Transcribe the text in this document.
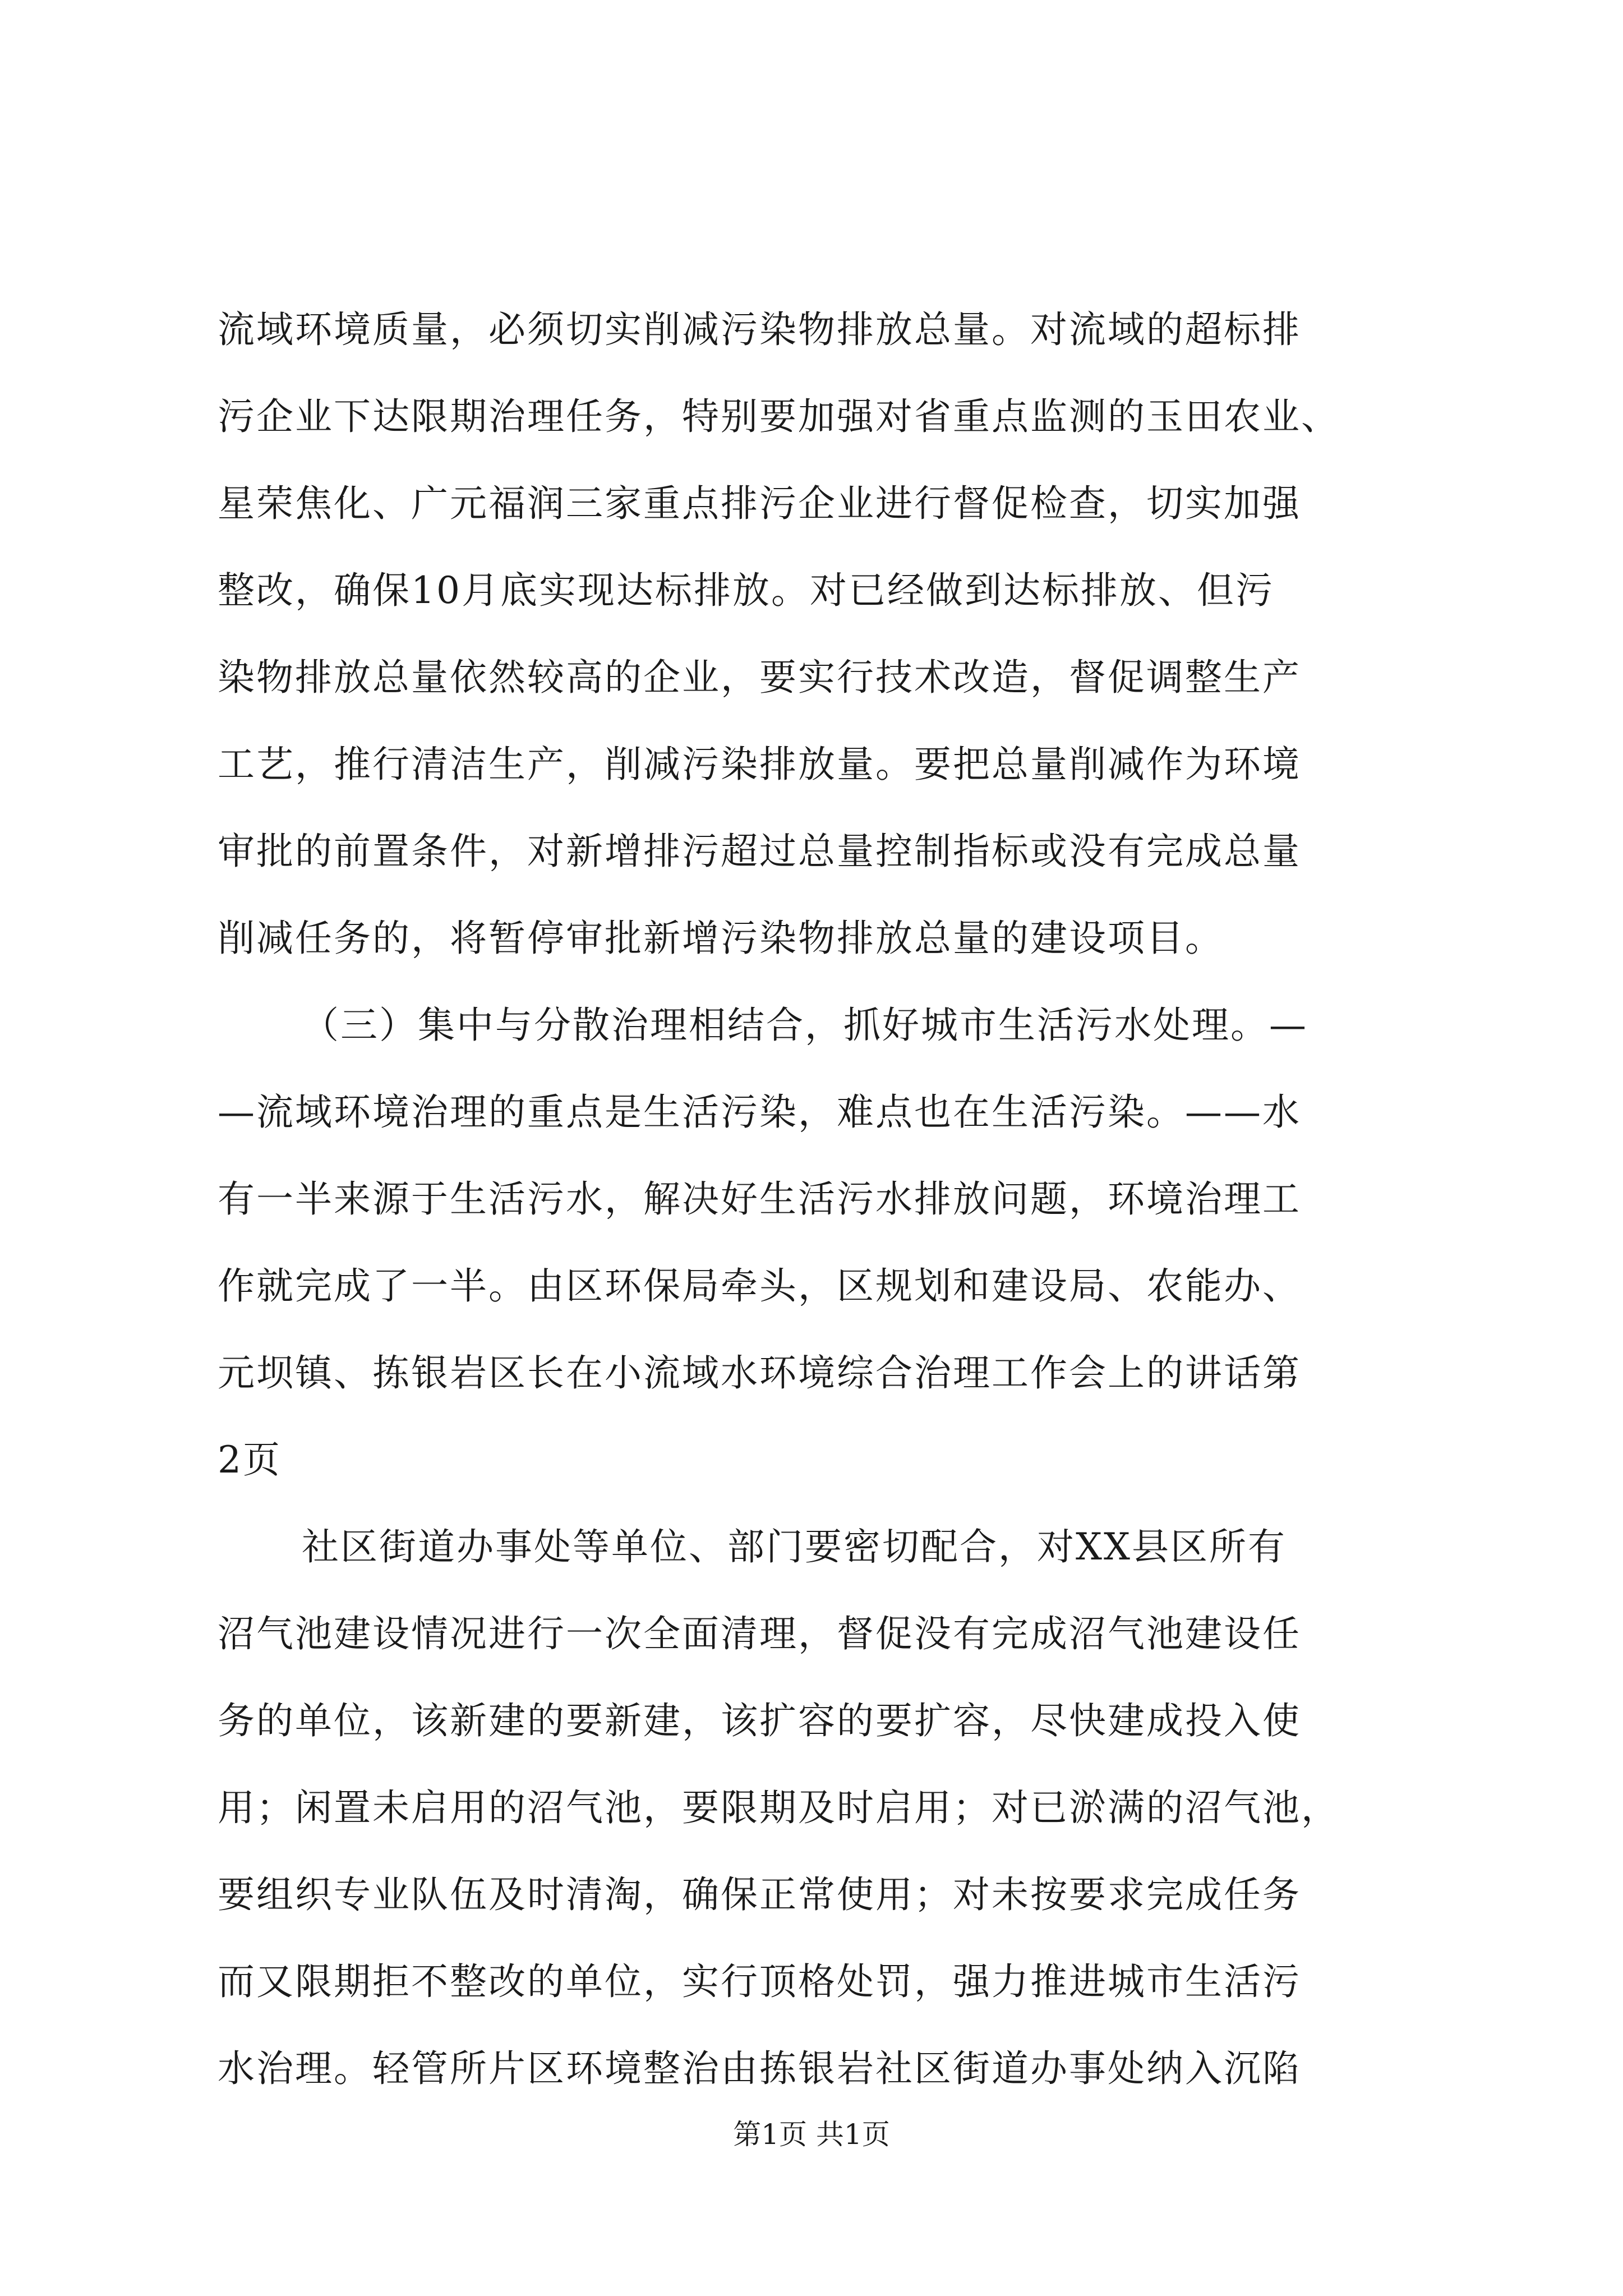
流域环境质量，必须切实削减污染物排放总量。对流域的超标排
污企业下达限期治理任务，特别要加强对省重点监测的玉田农业、
星荣焦化、广元福润三家重点排污企业进行督促检查，切实加强
整改，确保10月底实现达标排放。对已经做到达标排放、但污
染物排放总量依然较高的企业，要实行技术改造，督促调整生产
工艺，推行清洁生产，削减污染排放量。要把总量削减作为环境
审批的前置条件，对新增排污超过总量控制指标或没有完成总量
削减任务的，将暂停审批新增污染物排放总量的建设项目。
（三）集中与分散治理相结合，抓好城市生活污水处理。—
—流域环境治理的重点是生活污染，难点也在生活污染。——水
有一半来源于生活污水，解决好生活污水排放问题，环境治理工
作就完成了一半。由区环保局牵头，区规划和建设局、农能办、
元坝镇、拣银岩区长在小流域水环境综合治理工作会上的讲话第
2页
社区街道办事处等单位、部门要密切配合，对XX县区所有
沼气池建设情况进行一次全面清理，督促没有完成沼气池建设任
务的单位，该新建的要新建，该扩容的要扩容，尽快建成投入使
用；闲置未启用的沼气池，要限期及时启用；对已淤满的沼气池，
要组织专业队伍及时清淘，确保正常使用；对未按要求完成任务
而又限期拒不整改的单位，实行顶格处罚，强力推进城市生活污
水治理。轻管所片区环境整治由拣银岩社区街道办事处纳入沉陷
第1页 共1页
